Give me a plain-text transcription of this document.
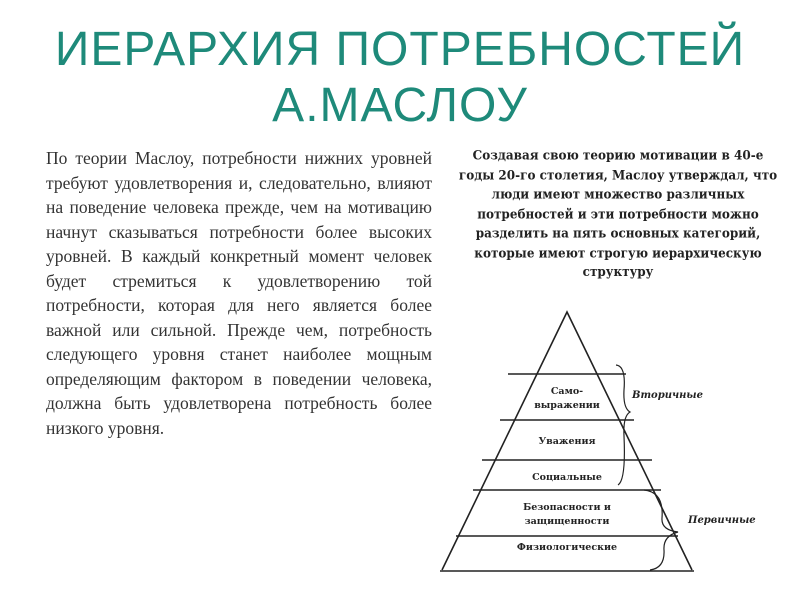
ИЕРАРХИЯ ПОТРЕБНОСТЕЙ
А.МАСЛОУ

По теории Маслоу, потребности нижних уровней требуют удовлетворения и, следовательно, влияют на поведение человека прежде, чем на мотивацию начнут сказываться потребности более высоких уровней. В каждый конкретный момент человек будет стремиться к удовлетворению той потребности, которая для него является более важной или сильной. Прежде чем, потребность следующего уровня станет наиболее мощным определяющим фактором в поведении человека, должна быть удовлетворена потребность более низкого уровня.

Само-
выражении
Уважения
Социальные
Безопасности и
защищенности
Физиологические
Вторичные
Первичные

Создавая свою теорию мотивации в 40-е годы 20-го столетия, Маслоу утверждал, что люди имеют множество различных потребностей и эти потребности можно разделить на пять основных категорий, которые имеют строгую иерархическую структуру
